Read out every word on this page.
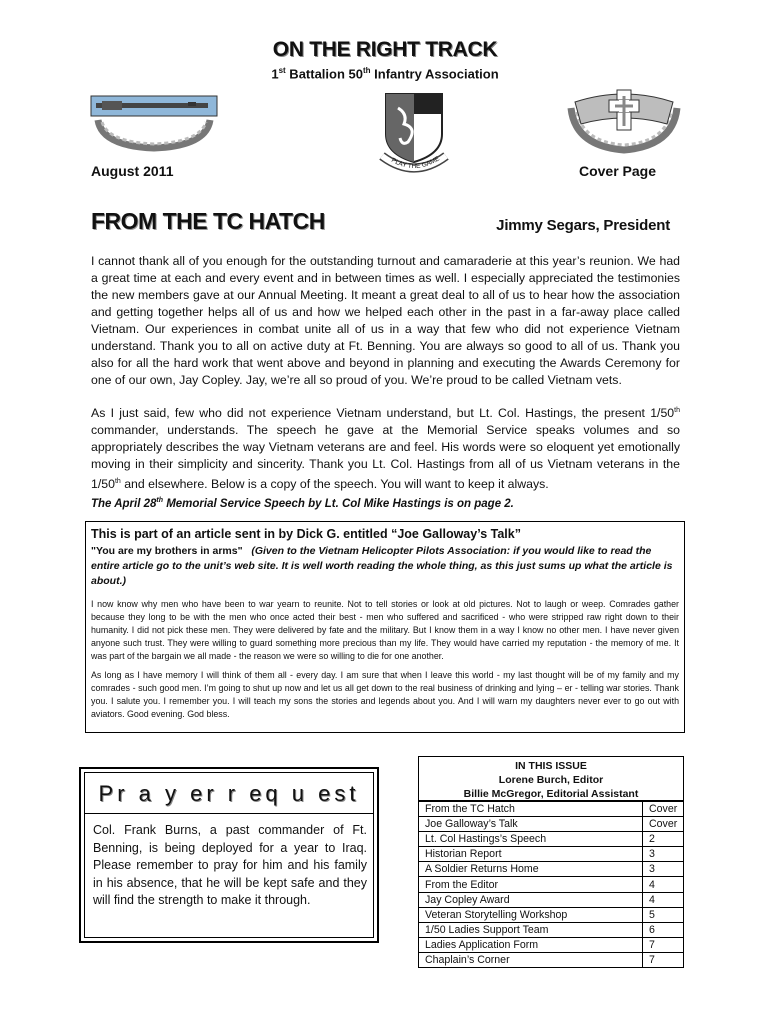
ON THE RIGHT TRACK
1st Battalion 50th Infantry Association
PLAY THE GAME
August 2011	Cover Page
FROM THE TC HATCH	Jimmy Segars, President
I cannot thank all of you enough for the outstanding turnout and camaraderie at this year’s reunion. We had a great time at each and every event and in between times as well. I especially appreciated the testimonies the new members gave at our Annual Meeting. It meant a great deal to all of us to hear how the association and getting together helps all of us and how we helped each other in the past in a far-away place called Vietnam. Our experiences in combat unite all of us in a way that few who did not experience Vietnam understand. Thank you to all on active duty at Ft. Benning. You are always so good to all of us. Thank you also for all the hard work that went above and beyond in planning and executing the Awards Ceremony for one of our own, Jay Copley. Jay, we’re all so proud of you. We’re proud to be called Vietnam vets.
As I just said, few who did not experience Vietnam understand, but Lt. Col. Hastings, the present 1/50th commander, understands. The speech he gave at the Memorial Service speaks volumes and so appropriately describes the way Vietnam veterans are and feel. His words were so eloquent yet emotionally moving in their simplicity and sincerity. Thank you Lt. Col. Hastings from all of us Vietnam veterans in the 1/50th and elsewhere. Below is a copy of the speech. You will want to keep it always.
The April 28th Memorial Service Speech by Lt. Col Mike Hastings is on page 2.
This is part of an article sent in by Dick G. entitled “Joe Galloway’s Talk”
"You are my brothers in arms" (Given to the Vietnam Helicopter Pilots Association: if you would like to read the entire article go to the unit’s web site. It is well worth reading the whole thing, as this just sums up what the article is about.)
I now know why men who have been to war yearn to reunite. Not to tell stories or look at old pictures. Not to laugh or weep. Comrades gather because they long to be with the men who once acted their best - men who suffered and sacrificed - who were stripped raw right down to their humanity. I did not pick these men. They were delivered by fate and the military. But I know them in a way I know no other men. I have never given anyone such trust. They were willing to guard something more precious than my life. They would have carried my reputation - the memory of me. It was part of the bargain we all made - the reason we were so willing to die for one another.
As long as I have memory I will think of them all - every day. I am sure that when I leave this world - my last thought will be of my family and my comrades - such good men. I’m going to shut up now and let us all get down to the real business of drinking and lying – er - telling war stories. Thank you. I salute you. I remember you. I will teach my sons the stories and legends about you. And I will warn my daughters never ever to go out with aviators. Good evening. God bless.
Pr a y er r eq u est
Col. Frank Burns, a past commander of Ft. Benning, is being deployed for a year to Iraq. Please remember to pray for him and his family in his absence, that he will be kept safe and they will find the strength to make it through.
IN THIS ISSUE
Lorene Burch, Editor
Billie McGregor, Editorial Assistant
From the TC Hatch	Cover
Joe Galloway’s Talk	Cover
Lt. Col Hastings’s Speech	2
Historian Report	3
A Soldier Returns Home	3
From the Editor	4
Jay Copley Award	4
Veteran Storytelling Workshop	5
1/50 Ladies Support Team	6
Ladies Application Form	7
Chaplain’s Corner	7
